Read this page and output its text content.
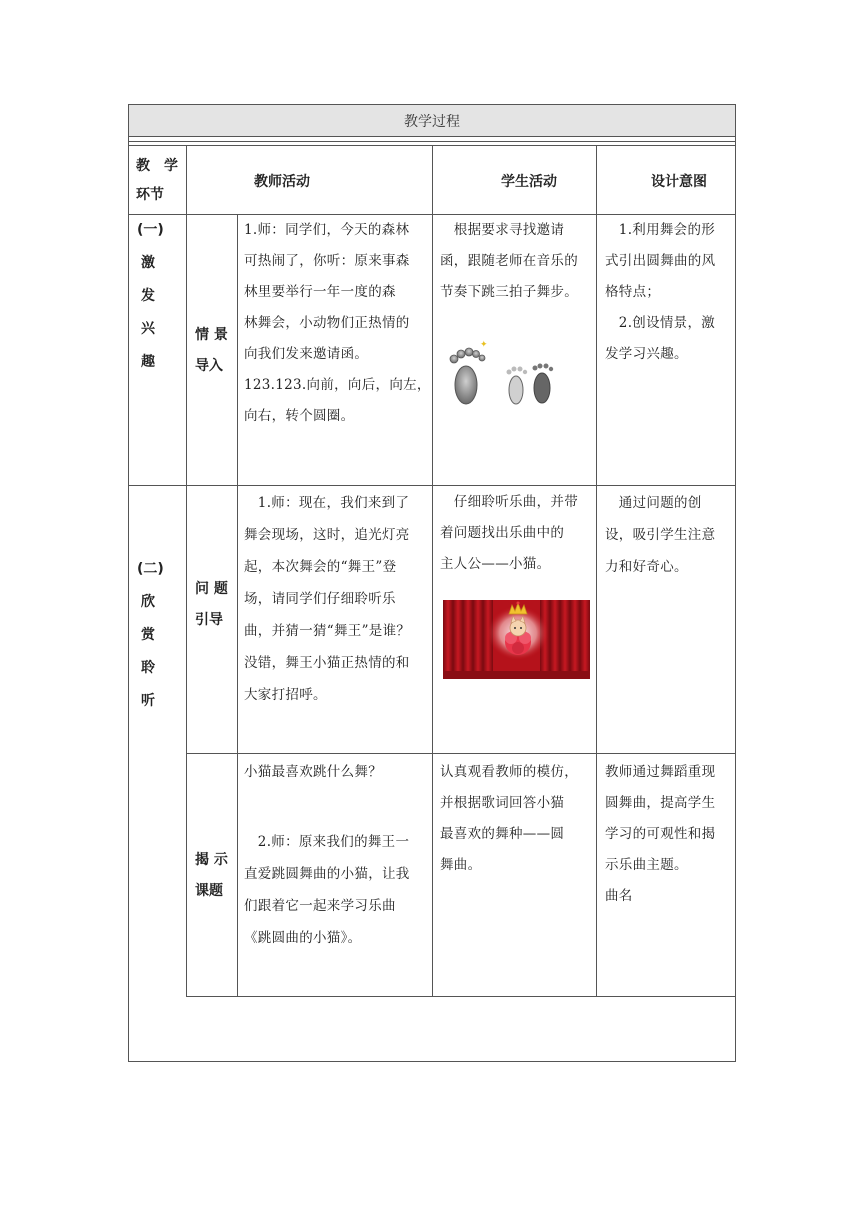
教学过程
教　学
环节
教师活动	学生活动	设计意图
(一)
激
发
兴
趣
情 景
导入
1.师：同学们，今天的森林
可热闹了，你听：原来事森
林里要举行一年一度的森
林舞会，小动物们正热情的
向我们发来邀请函。
123.123.向前，向后，向左，
向右，转个圆圈。
　根据要求寻找邀请
函，跟随老师在音乐的
节奏下跳三拍子舞步。
✦
　1.利用舞会的形
式引出圆舞曲的风
格特点；
　2.创设情景，激
发学习兴趣。
(二)
欣
赏
聆
听
问 题
引导
　1.师：现在，我们来到了
舞会现场，这时，追光灯亮
起，本次舞会的“舞王”登
场，请同学们仔细聆听乐
曲，并猜一猜“舞王”是谁？
没错，舞王小猫正热情的和
大家打招呼。
　仔细聆听乐曲，并带
着问题找出乐曲中的
主人公——小猫。
　通过问题的创
设，吸引学生注意
力和好奇心。
揭 示
课题
小猫最喜欢跳什么舞？
　2.师：原来我们的舞王一
直爱跳圆舞曲的小猫，让我
们跟着它一起来学习乐曲
《跳圆曲的小猫》。
认真观看教师的模仿，
并根据歌词回答小猫
最喜欢的舞种——圆
舞曲。
教师通过舞蹈重现
圆舞曲，提高学生
学习的可观性和揭
示乐曲主题。
曲名
